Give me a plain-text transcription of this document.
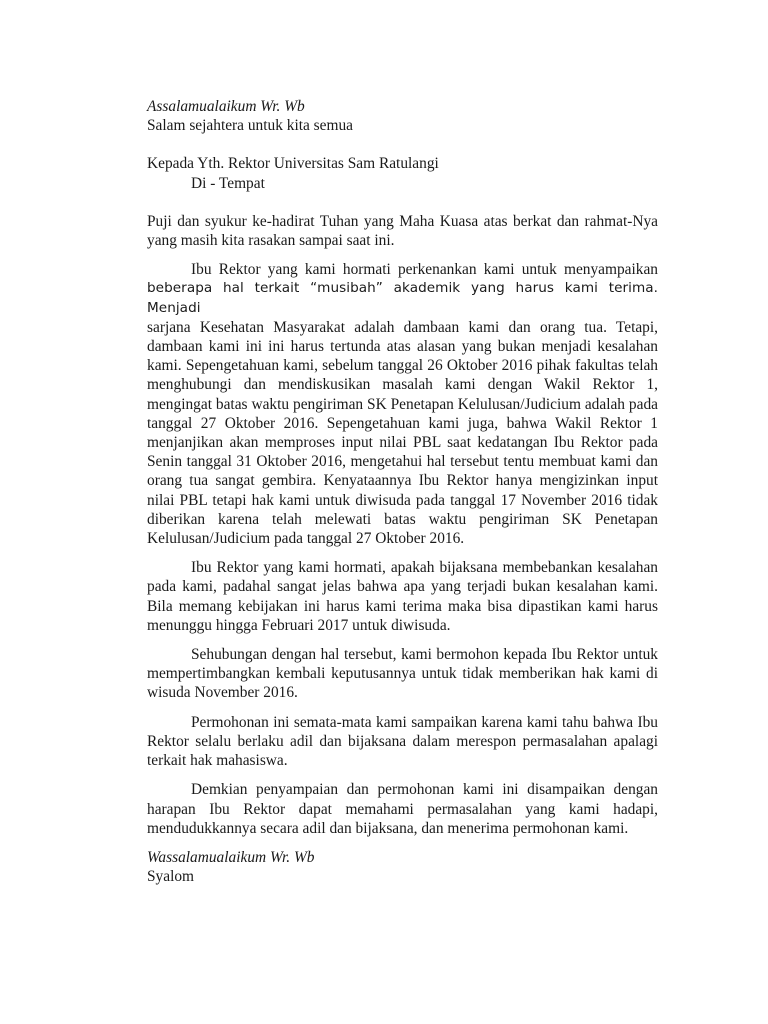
Assalamualaikum Wr. Wb
Salam sejahtera untuk kita semua
Kepada Yth. Rektor Universitas Sam Ratulangi
Di - Tempat

Puji dan syukur ke-hadirat Tuhan yang Maha Kuasa atas berkat dan rahmat-Nya yang masih kita rasakan sampai saat ini.

Ibu Rektor yang kami hormati perkenankan kami untuk menyampaikan

beberapa hal terkait “musibah” akademik yang harus kami terima. Menjadi

sarjana Kesehatan Masyarakat adalah dambaan kami dan orang tua. Tetapi, dambaan kami ini ini harus tertunda atas alasan yang bukan menjadi kesalahan kami. Sepengetahuan kami, sebelum tanggal 26 Oktober 2016 pihak fakultas telah menghubungi dan mendiskusikan masalah kami dengan Wakil Rektor 1, mengingat batas waktu pengiriman SK Penetapan Kelulusan/Judicium adalah pada tanggal 27 Oktober 2016. Sepengetahuan kami juga, bahwa Wakil Rektor 1 menjanjikan akan memproses input nilai PBL saat kedatangan Ibu Rektor pada Senin tanggal 31 Oktober 2016, mengetahui hal tersebut tentu membuat kami dan orang tua sangat gembira. Kenyataannya Ibu Rektor hanya mengizinkan input nilai PBL tetapi hak kami untuk diwisuda pada tanggal 17 November 2016 tidak diberikan karena telah melewati batas waktu pengiriman SK Penetapan Kelulusan/Judicium pada tanggal 27 Oktober 2016.

Ibu Rektor yang kami hormati, apakah bijaksana membebankan kesalahan pada kami, padahal sangat jelas bahwa apa yang terjadi bukan kesalahan kami. Bila memang kebijakan ini harus kami terima maka bisa dipastikan kami harus menunggu hingga Februari 2017 untuk diwisuda.

Sehubungan dengan hal tersebut, kami bermohon kepada Ibu Rektor untuk mempertimbangkan kembali keputusannya untuk tidak memberikan hak kami di wisuda November 2016.

Permohonan ini semata-mata kami sampaikan karena kami tahu bahwa Ibu Rektor selalu berlaku adil dan bijaksana dalam merespon permasalahan apalagi terkait hak mahasiswa.

Demkian penyampaian dan permohonan kami ini disampaikan dengan harapan Ibu Rektor dapat memahami permasalahan yang kami hadapi, mendudukkannya secara adil dan bijaksana, dan menerima permohonan kami.

Wassalamualaikum Wr. Wb
Syalom
